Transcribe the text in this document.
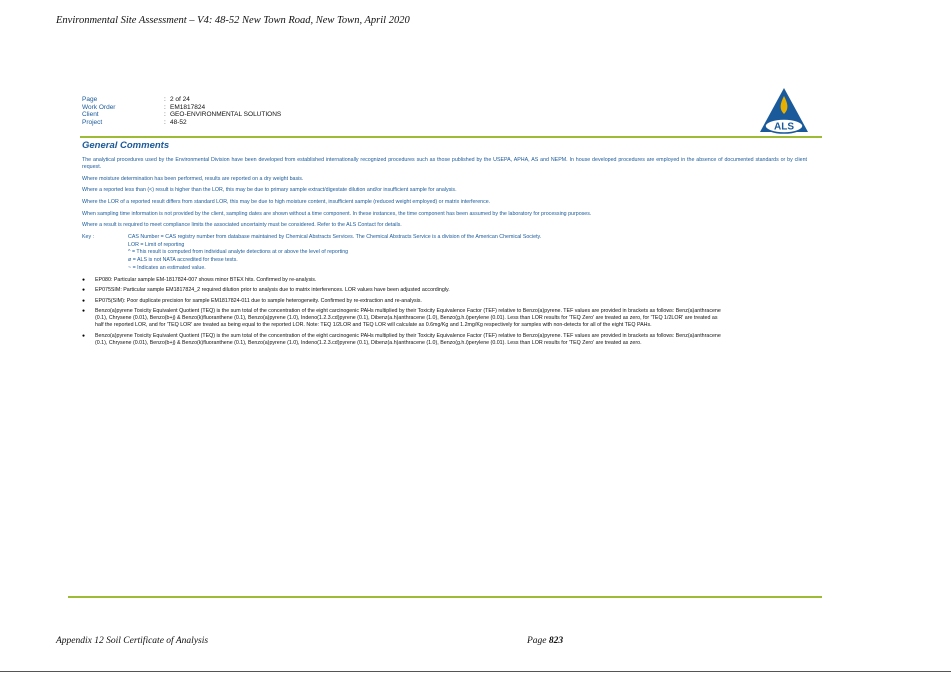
Environmental Site Assessment – V4: 48-52 New Town Road, New Town, April 2020
Page	: 2 of 24
Work Order	: EM1817824
Client	: GEO-ENVIRONMENTAL SOLUTIONS
Project	: 48-52	ALS
General Comments

The analytical procedures used by the Environmental Division have been developed from established internationally recognized procedures such as those published by the USEPA, APHA, AS and NEPM. In house developed procedures are employed in the absence of documented standards or by client request.

Where moisture determination has been performed, results are reported on a dry weight basis.

Where a reported less than (<) result is higher than the LOR, this may be due to primary sample extract/digestate dilution and/or insufficient sample for analysis.

Where the LOR of a reported result differs from standard LOR, this may be due to high moisture content, insufficient sample (reduced weight employed) or matrix interference.

When sampling time information is not provided by the client, sampling dates are shown without a time component. In these instances, the time component has been assumed by the laboratory for processing purposes.

Where a result is required to meet compliance limits the associated uncertainty must be considered. Refer to the ALS Contact for details.

Key :	CAS Number = CAS registry number from database maintained by Chemical Abstracts Services. The Chemical Abstracts Service is a division of the American Chemical Society.
LOR = Limit of reporting
^ = This result is computed from individual analyte detections at or above the level of reporting
ø = ALS is not NATA accredited for these tests.
~ = Indicates an estimated value.
● EP080: Particular sample EM-1817824-007 shows minor BTEX hits. Confirmed by re-analysis.
● EP075SIM: Particular sample EM1817824_2 required dilution prior to analysis due to matrix interferences. LOR values have been adjusted accordingly.
● EP075(SIM): Poor duplicate precision for sample EM1817824-011 due to sample heterogeneity. Confirmed by re-extraction and re-analysis.
● Benzo(a)pyrene Toxicity Equivalent Quotient (TEQ) is the sum total of the concentration of the eight carcinogenic PAHs multiplied by their Toxicity Equivalence Factor (TEF) relative to Benzo(a)pyrene. TEF values are provided in brackets as follows: Benz(a)anthracene (0.1), Chrysene (0.01), Benzo(b+j) & Benzo(k)fluoranthene (0.1), Benzo(a)pyrene (1.0), Indeno(1.2.3.cd)pyrene (0.1), Dibenz(a.h)anthracene (1.0), Benzo(g.h.i)perylene (0.01). Less than LOR results for 'TEQ Zero' are treated as zero, for 'TEQ 1/2LOR' are treated as half the reported LOR, and for 'TEQ LOR' are treated as being equal to the reported LOR. Note: TEQ 1/2LOR and TEQ LOR will calculate as 0.6mg/Kg and 1.2mg/Kg respectively for samples with non-detects for all of the eight TEQ PAHs.
● Benzo(a)pyrene Toxicity Equivalent Quotient (TEQ) is the sum total of the concentration of the eight carcinogenic PAHs multiplied by their Toxicity Equivalence Factor (TEF) relative to Benzo(a)pyrene. TEF values are provided in brackets as follows: Benz(a)anthracene (0.1), Chrysene (0.01), Benzo(b+j) & Benzo(k)fluoranthene (0.1), Benzo(a)pyrene (1.0), Indeno(1.2.3.cd)pyrene (0.1), Dibenz(a.h)anthracene (1.0), Benzo(g.h.i)perylene (0.01). Less than LOR results for 'TEQ Zero' are treated as zero.
Appendix 12 Soil Certificate of Analysis	Page 823
